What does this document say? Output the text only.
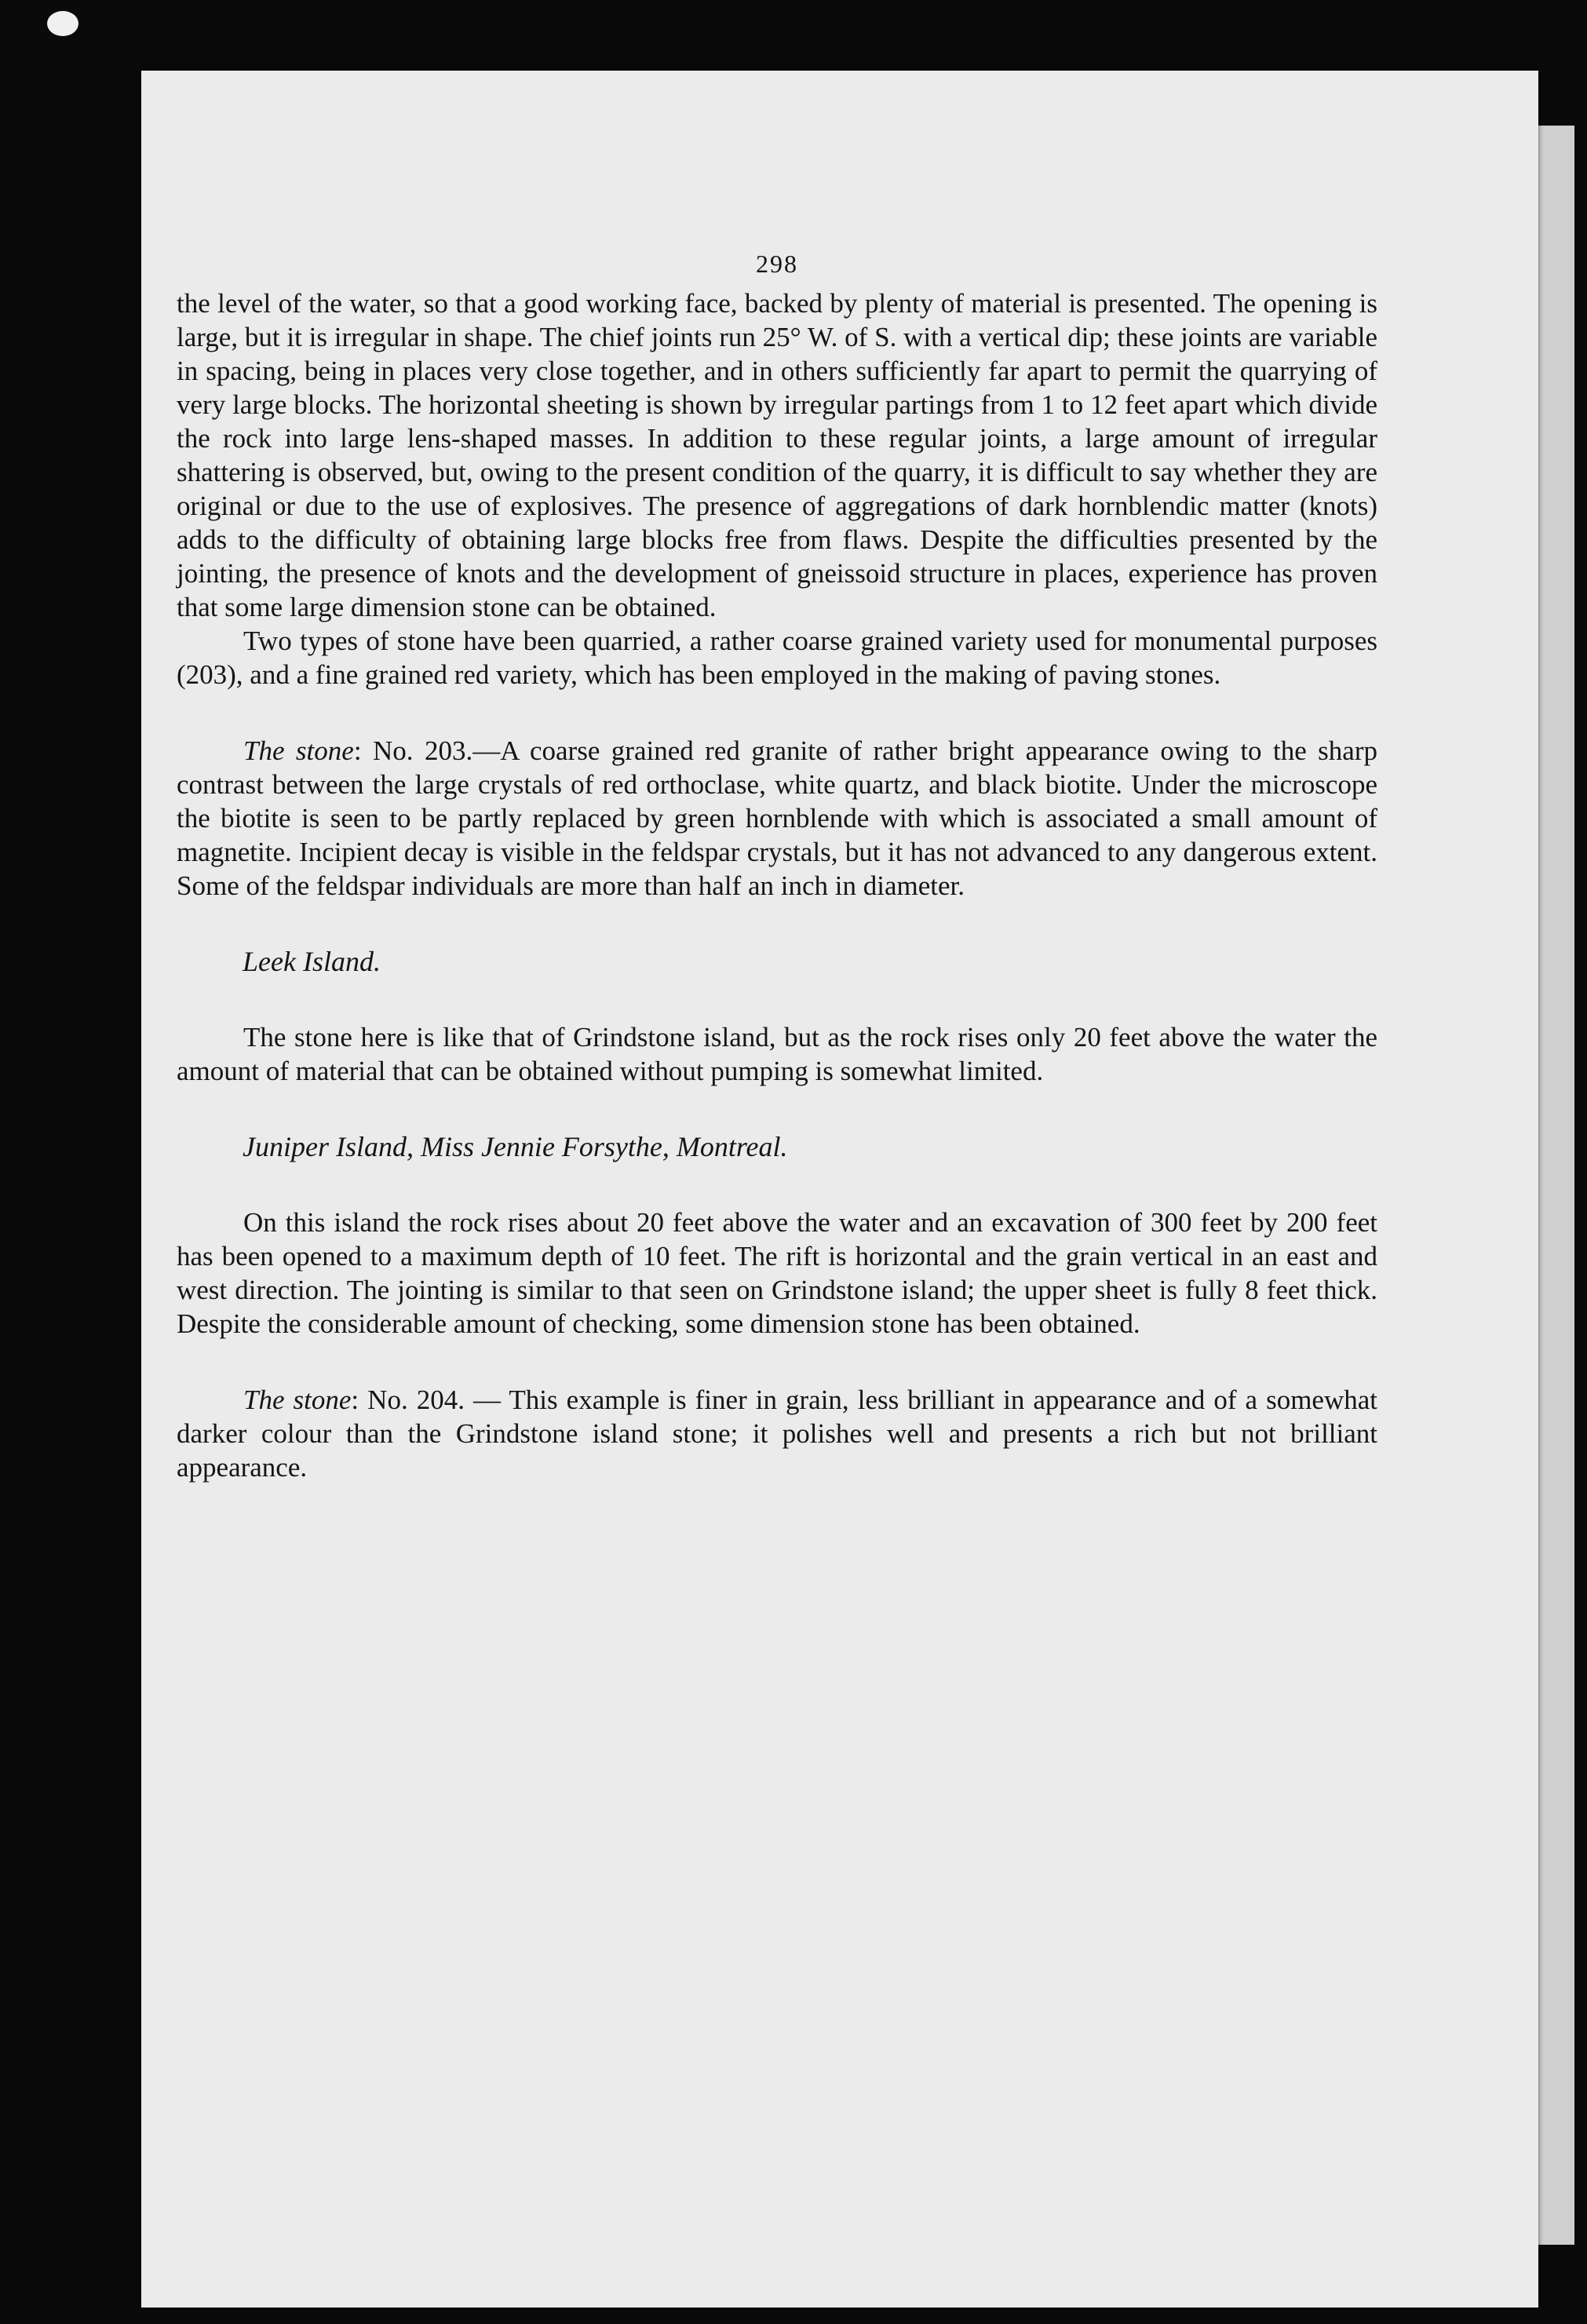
298

the level of the water, so that a good working face, backed by plenty of material is presented. The opening is large, but it is irregular in shape. The chief joints run 25° W. of S. with a vertical dip; these joints are variable in spacing, being in places very close together, and in others sufficiently far apart to permit the quarrying of very large blocks. The horizontal sheeting is shown by irregular partings from 1 to 12 feet apart which divide the rock into large lens-shaped masses. In addition to these regular joints, a large amount of irregular shattering is observed, but, owing to the present condition of the quarry, it is difficult to say whether they are original or due to the use of explosives. The presence of aggregations of dark hornblendic matter (knots) adds to the difficulty of obtaining large blocks free from flaws. Despite the difficulties presented by the jointing, the presence of knots and the development of gneissoid structure in places, experience has proven that some large dimension stone can be obtained.

Two types of stone have been quarried, a rather coarse grained variety used for monumental purposes (203), and a fine grained red variety, which has been employed in the making of paving stones.

The stone: No. 203.—A coarse grained red granite of rather bright appearance owing to the sharp contrast between the large crystals of red orthoclase, white quartz, and black biotite. Under the microscope the biotite is seen to be partly replaced by green hornblende with which is associated a small amount of magnetite. Incipient decay is visible in the feldspar crystals, but it has not advanced to any dangerous extent. Some of the feldspar individuals are more than half an inch in diameter.

Leek Island.

The stone here is like that of Grindstone island, but as the rock rises only 20 feet above the water the amount of material that can be obtained without pumping is somewhat limited.

Juniper Island, Miss Jennie Forsythe, Montreal.

On this island the rock rises about 20 feet above the water and an excavation of 300 feet by 200 feet has been opened to a maximum depth of 10 feet. The rift is horizontal and the grain vertical in an east and west direction. The jointing is similar to that seen on Grindstone island; the upper sheet is fully 8 feet thick. Despite the considerable amount of checking, some dimension stone has been obtained.

The stone: No. 204. — This example is finer in grain, less brilliant in appearance and of a somewhat darker colour than the Grindstone island stone; it polishes well and presents a rich but not brilliant appearance.
